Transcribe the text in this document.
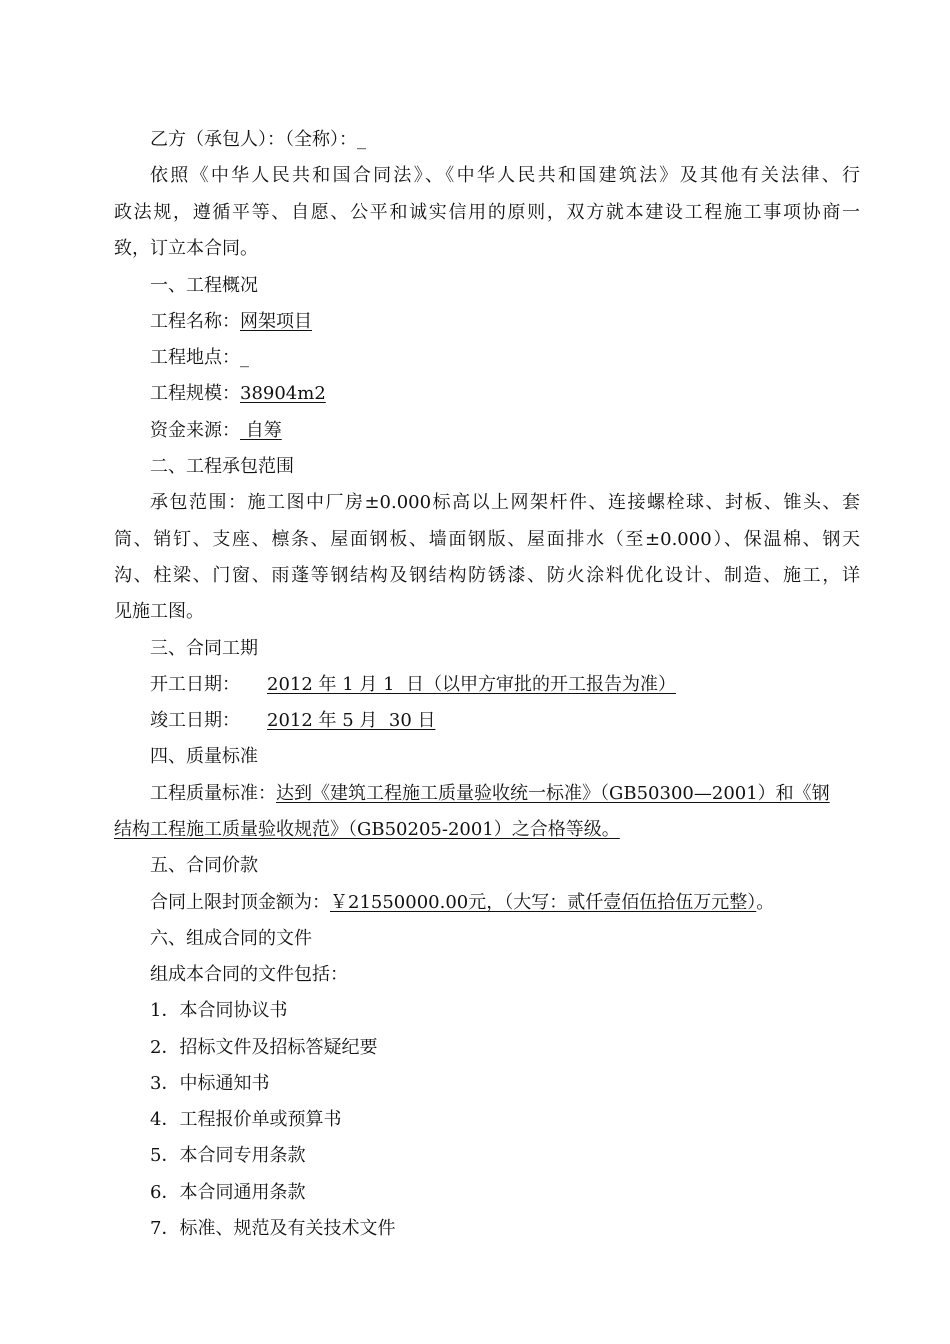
乙方（承包人）：（全称）：_
依照《中华人民共和国合同法》、《中华人民共和国建筑法》及其他有关法律、行
政法规，遵循平等、自愿、公平和诚实信用的原则，双方就本建设工程施工事项协商一
致，订立本合同。
一、工程概况
工程名称：网架项目
工程地点：_
工程规模：38904m2
资金来源： 自筹
二、工程承包范围
承包范围：施工图中厂房±0.000标高以上网架杆件、连接螺栓球、封板、锥头、套
筒、销钉、支座、檩条、屋面钢板、墙面钢版、屋面排水（至±0.000）、保温棉、钢天
沟、柱梁、门窗、雨蓬等钢结构及钢结构防锈漆、防火涂料优化设计、制造、施工，详
见施工图。
三、合同工期
开工日期： 2012 年 1 月 1  日（以甲方审批的开工报告为准）
竣工日期： 2012 年 5 月  30 日
四、质量标准
工程质量标准：达到《建筑工程施工质量验收统一标准》（GB50300—2001）和《钢
结构工程施工质量验收规范》（GB50205-2001）之合格等级。
五、合同价款
合同上限封顶金额为：￥21550000.00元，（大写：贰仟壹佰伍拾伍万元整）。
六、组成合同的文件
组成本合同的文件包括：
1．本合同协议书
2．招标文件及招标答疑纪要
3．中标通知书
4．工程报价单或预算书
5．本合同专用条款
6．本合同通用条款
7．标准、规范及有关技术文件
